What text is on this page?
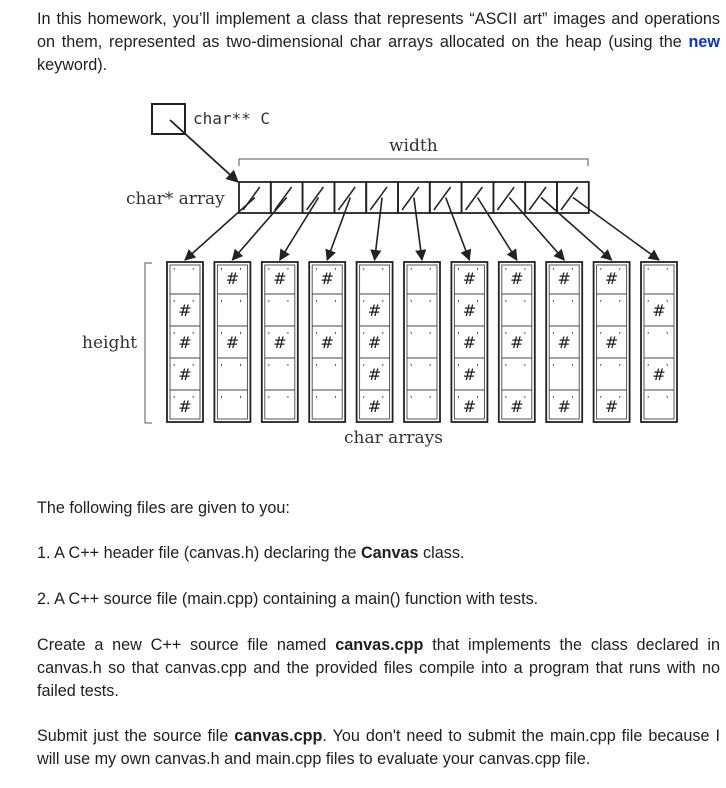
In this homework, you’ll implement a class that represents “ASCII art” images and operations on them, represented as two-dimensional char arrays allocated on the heap (using the new keyword).

char** C
width
char* array
height
’ ’
’ ’
#
’ ’
#
’ ’
#
’ ’
#
’ ’
#
’ ’
’ ’
#
’ ’
’ ’
’ ’
#
’ ’
’ ’
#
’ ’
’ ’
’ ’
#
’ ’
’ ’
#
’ ’
’ ’
’ ’
’ ’
#
’ ’
#
’ ’
#
’ ’
#
’ ’
’ ’
’ ’
’ ’
’ ’
’ ’
#
’ ’
#
’ ’
#
’ ’
#
’ ’
#
’ ’
#
’ ’
’ ’
#
’ ’
’ ’
#
’ ’
#
’ ’
’ ’
#
’ ’
’ ’
#
’ ’
#
’ ’
’ ’
#
’ ’
’ ’
#
’ ’
’ ’
#
’ ’
’ ’
#
’ ’
char arrays

The following files are given to you:

1. A C++ header file (canvas.h) declaring the Canvas class.

2. A C++ source file (main.cpp) containing a main() function with tests.

Create a new C++ source file named canvas.cpp that implements the class declared in canvas.h so that canvas.cpp and the provided files compile into a program that runs with no failed tests.

Submit just the source file canvas.cpp. You don't need to submit the main.cpp file because I will use my own canvas.h and main.cpp files to evaluate your canvas.cpp file.
